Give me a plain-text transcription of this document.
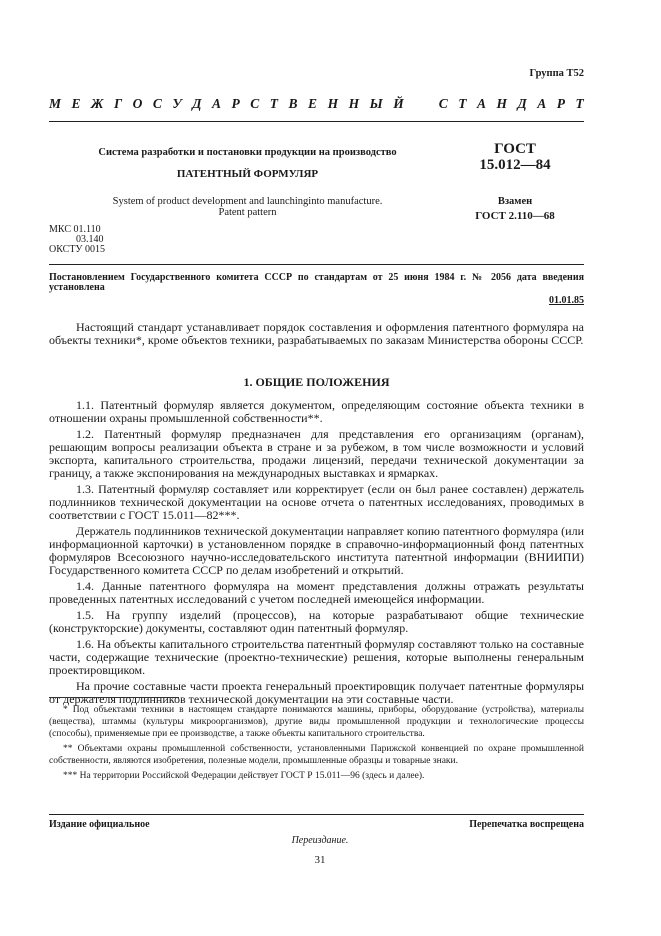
Группа Т52
М Е Ж Г О С У Д А Р С Т В Е Н Н Ы Й	С Т А Н Д А Р Т
Система разработки и постановки продукции на производство
ПАТЕНТНЫЙ ФОРМУЛЯР
System of product development and launchinginto manufacture. Patent pattern
ГОСТ
15.012—84
Взамен
ГОСТ 2.110—68
МКС 01.110
03.140
ОКСТУ 0015
Постановлением Государственного комитета СССР по стандартам от 25 июня 1984 г. № 2056 дата введения установлена
01.01.85

Настоящий стандарт устанавливает порядок составления и оформления патентного формуляра на объекты техники*, кроме объектов техники, разрабатываемых по заказам Министерства обороны СССР.

1. ОБЩИЕ ПОЛОЖЕНИЯ

1.1. Патентный формуляр является документом, определяющим состояние объекта техники в отношении охраны промышленной собственности**.

1.2. Патентный формуляр предназначен для представления его организациям (органам), решающим вопросы реализации объекта в стране и за рубежом, в том числе возможности и условий экспорта, капитального строительства, продажи лицензий, передачи технической документации за границу, а также экспонирования на международных выставках и ярмарках.

1.3. Патентный формуляр составляет или корректирует (если он был ранее составлен) держатель подлинников технической документации на основе отчета о патентных исследованиях, проводимых в соответствии с ГОСТ 15.011—82***.

Держатель подлинников технической документации направляет копию патентного формуляра (или информационной карточки) в установленном порядке в справочно-информационный фонд патентных формуляров Всесоюзного научно-исследовательского института патентной информации (ВНИИПИ) Государственного комитета СССР по делам изобретений и открытий.

1.4. Данные патентного формуляра на момент представления должны отражать результаты проведенных патентных исследований с учетом последней имеющейся информации.

1.5. На группу изделий (процессов), на которые разрабатывают общие технические (конструкторские) документы, составляют один патентный формуляр.

1.6. На объекты капитального строительства патентный формуляр составляют только на составные части, содержащие технические (проектно-технические) решения, которые выполнены генеральным проектировщиком.

На прочие составные части проекта генеральный проектировщик получает патентные формуляры от держателя подлинников технической документации на эти составные части.

* Под объектами техники в настоящем стандарте понимаются машины, приборы, оборудование (устройства), материалы (вещества), штаммы (культуры микроорганизмов), другие виды промышленной продукции и технологические процессы (способы), применяемые при ее производстве, а также объекты капитального строительства.

** Объектами охраны промышленной собственности, установленными Парижской конвенцией по охране промышленной собственности, являются изобретения, полезные модели, промышленные образцы и товарные знаки.

*** На территории Российской Федерации действует ГОСТ Р 15.011—96 (здесь и далее).

Издание официальное	Перепечатка воспрещена
Переиздание.
31
